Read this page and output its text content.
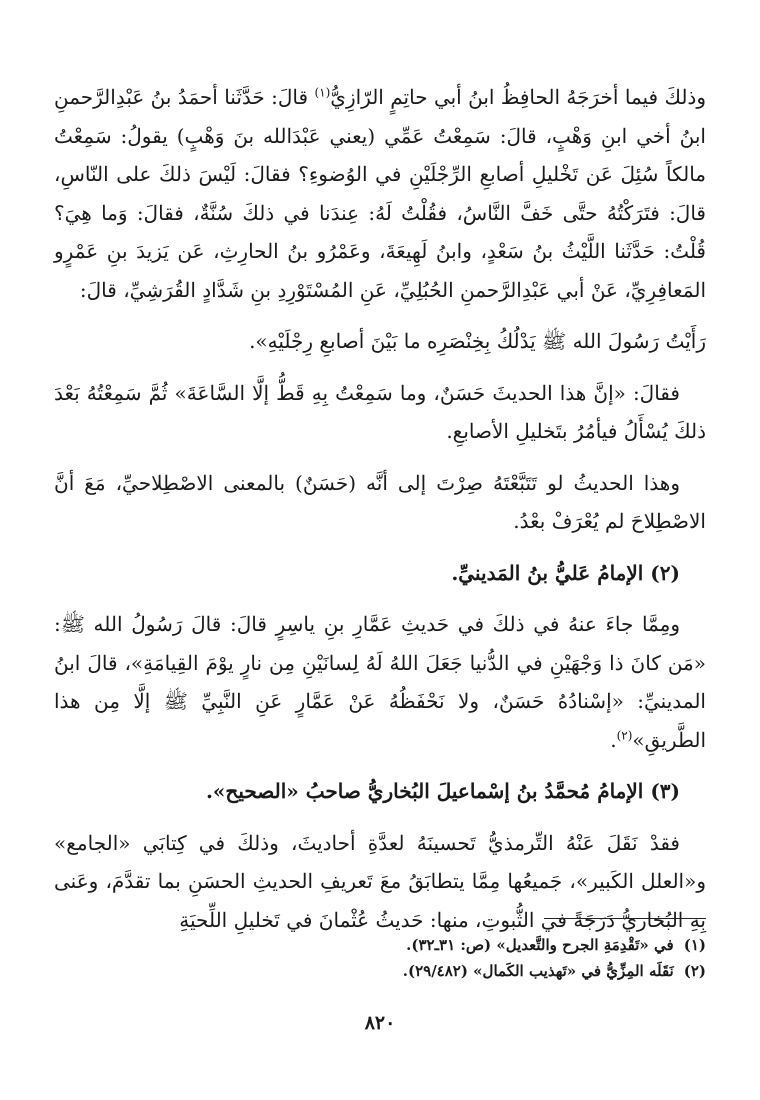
وذلكَ فيما أخرَجَهُ الحافِظُ ابنُ أبي حاتِمٍ الرّازِيُّ$^{(١)}$ قالَ: حَدَّثَنا أحمَدُ بنُ عَبْدِالرَّحمنِ ابنُ أخي ابنِ وَهْبٍ، قالَ: سَمِعْتُ عَمِّي (يعني عَبْدَالله بنَ وَهْبٍ) يقولُ: سَمِعْتُ مالكاً سُئِلَ عَن تَخْليلِ أصابعِ الرِّجْلَيْنِ في الوُضوءِ؟ فقالَ: لَيْسَ ذلكَ على النّاسِ، قالَ: فتَرَكْتُهُ حتَّى خَفَّ النَّاسُ، فقُلْتُ لَهُ: عِندَنا في ذلكَ سُنَّةٌ، فقالَ: وَما هِيَ؟ قُلْتُ: حَدَّثَنا اللَّيْثُ بنُ سَعْدٍ، وابنُ لَهِيعَةَ، وعَمْرُو بنُ الحارِثِ، عَن يَزيدَ بنِ عَمْرٍو المَعافِرِيِّ، عَنْ أبي عَبْدِالرَّحمنِ الحُبُلِيِّ، عَنِ المُسْتَوْرِدِ بنِ شَدَّادٍ القُرَشِيِّ، قالَ:

رَأَيْتُ رَسُولَ الله ﷺ يَدْلُكُ بِخِنْصَرِه ما بَيْنَ أصابعِ رِجْلَيْهِ».

فقالَ: «إنَّ هذا الحديثَ حَسَنٌ، وما سَمِعْتُ بِهِ قَطُّ إلَّا السَّاعَةَ» ثُمَّ سَمِعْتُهُ بَعْدَ ذلكَ يُسْأَلُ فيأمُرُ بتَخليلِ الأصابعِ.

وهذا الحديثُ لو تَتَبَّعْتَهُ صِرْتَ إلى أنَّه (حَسَنٌ) بالمعنى الاصْطِلاحيِّ، مَعَ أنَّ الاصْطِلاحَ لم يُعْرَفْ بعْدُ.

(٢) الإمامُ عَليُّ بنُ المَدينيِّ.

ومِمَّا جاءَ عنهُ في ذلكَ في حَديثِ عَمَّارِ بنِ ياسِرٍ قالَ: قالَ رَسُولُ الله ﷺ: «مَن كانَ ذا وَجْهَيْنِ في الدُّنيا جَعَلَ اللهُ لَهُ لِسانَيْنِ مِن نارٍ يوْمَ القِيامَةِ»، قالَ ابنُ المدينيِّ: «إسْنادُهُ حَسَنٌ، ولا نَحْفَظُهُ عَنْ عَمَّارٍ عَنِ النَّبِيِّ ﷺ إلَّا مِن هذا الطَّريقِ»$^{(٢)}$.

(٣) الإمامُ مُحمَّدُ بنُ إسْماعيلَ البُخاريُّ صاحبُ «الصحيح».

فقدْ نَقَلَ عَنْهُ التِّرمذيُّ تَحسينَهُ لعدَّةِ أحاديثَ، وذلكَ في كِتابَي «الجامع» و«العلل الكَبير»، جَميعُها مِمَّا يتطابَقُ معَ تَعريفِ الحديثِ الحسَنِ بما تقدَّمَ، وعَنى بِهِ البُخاريُّ دَرَجَةً في الثُّبوتِ، منها: حَديثُ عُثْمانَ في تَخليلِ اللِّحيَةِ

(١)في «تَقْدِمَةِ الجرح والتَّعديل» (ص: ٣١ـ٣٢).

(٢)نَقَلَه المِزِّيُّ في «تَهذيب الكَمال» (٢٩/٤٨٢).

٨٢٠
